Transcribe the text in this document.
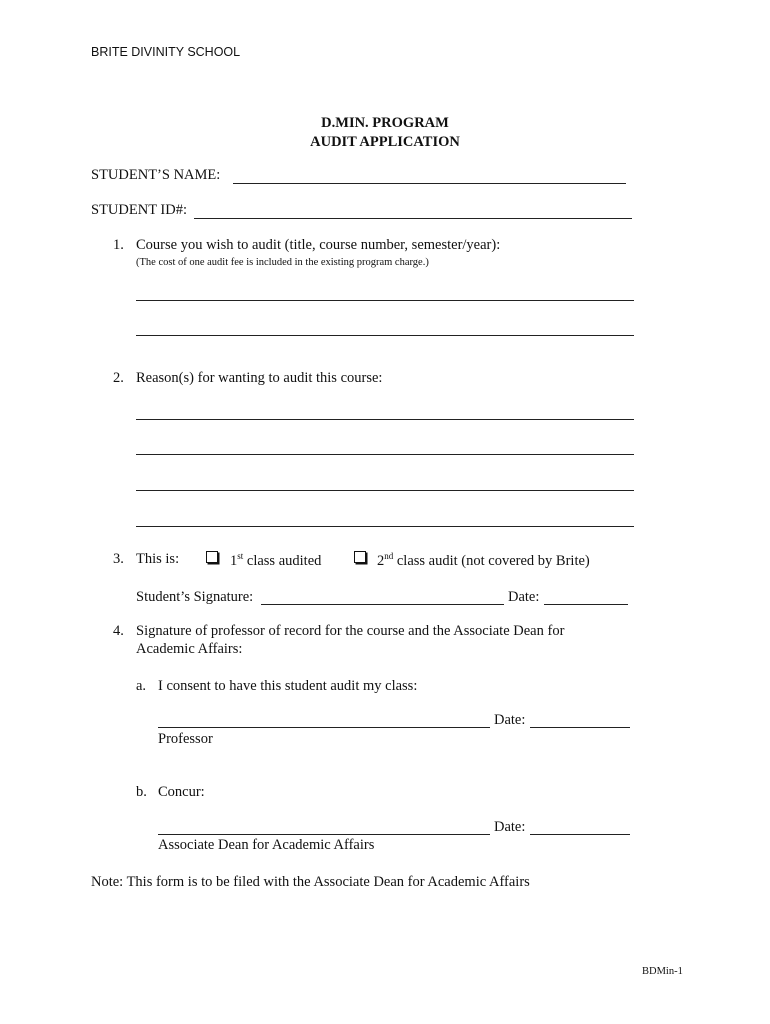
BRITE DIVINITY SCHOOL
D.MIN. PROGRAM
AUDIT APPLICATION
STUDENT’S NAME:
STUDENT ID#:
1. Course you wish to audit (title, course number, semester/year):
(The cost of one audit fee is included in the existing program charge.)
2. Reason(s) for wanting to audit this course:
3. This is:	1st class audited	2nd class audit (not covered by Brite)
Student’s Signature:	Date:
4. Signature of professor of record for the course and the Associate Dean for
Academic Affairs:
a. I consent to have this student audit my class:
Date:
Professor
b. Concur:
Date:
Associate Dean for Academic Affairs
Note: This form is to be filed with the Associate Dean for Academic Affairs
BDMin-1
